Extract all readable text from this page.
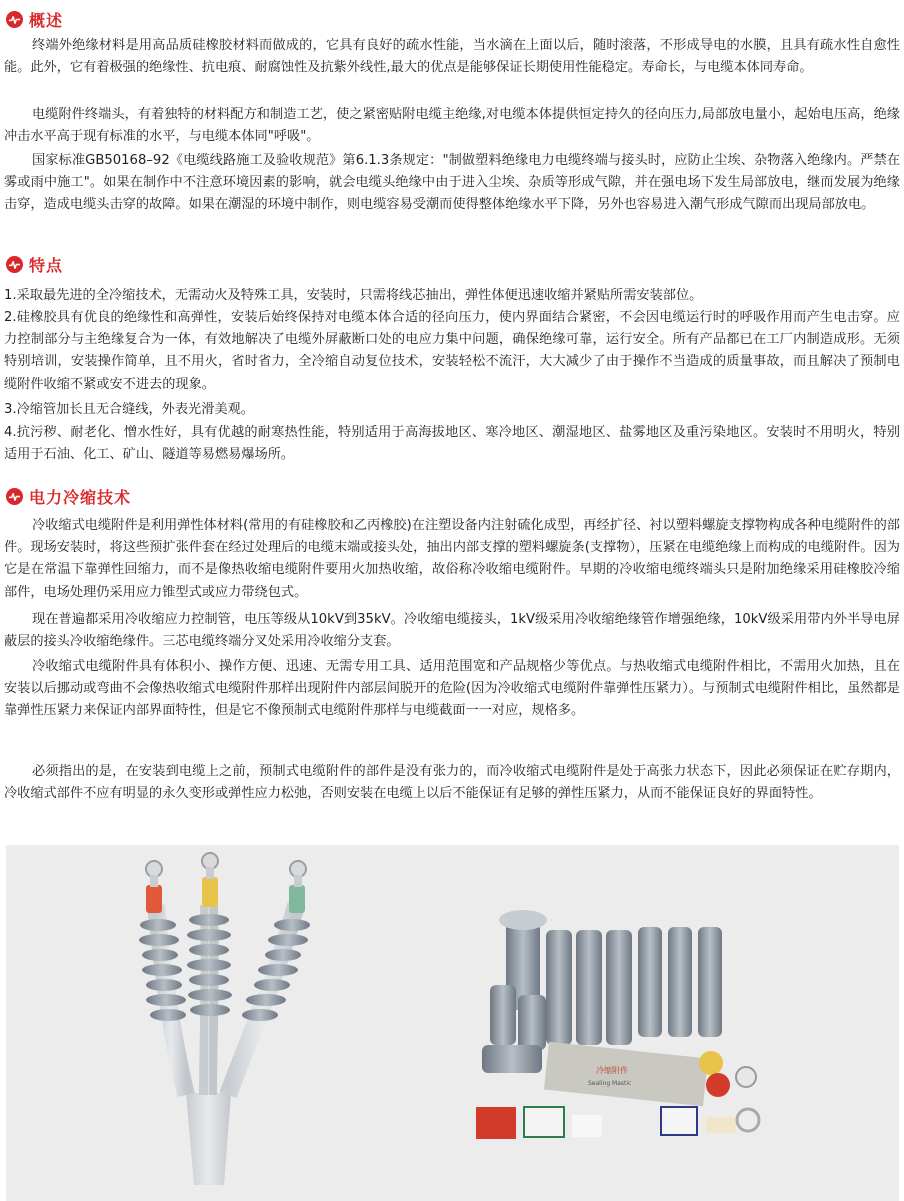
概述
终端外绝缘材料是用高品质硅橡胶材料而做成的，它具有良好的疏水性能，当水滴在上面以后，随时滚落，不形成导电的水膜，且具有疏水性自愈性能。此外，它有着极强的绝缘性、抗电痕、耐腐蚀性及抗紫外线性,最大的优点是能够保证长期使用性能稳定。寿命长，与电缆本体同寿命。
电缆附件终端头，有着独特的材料配方和制造工艺，使之紧密贴附电缆主绝缘,对电缆本体提供恒定持久的径向压力,局部放电量小，起始电压高，绝缘冲击水平高于现有标准的水平，与电缆本体同"呼吸"。
国家标准GB50168–92《电缆线路施工及验收规范》第6.1.3条规定："制做塑料绝缘电力电缆终端与接头时，应防止尘埃、杂物落入绝缘内。严禁在雾或雨中施工"。如果在制作中不注意环境因素的影响，就会电缆头绝缘中由于进入尘埃、杂质等形成气隙，并在强电场下发生局部放电，继而发展为绝缘击穿，造成电缆头击穿的故障。如果在潮湿的环境中制作，则电缆容易受潮而使得整体绝缘水平下降，另外也容易进入潮气形成气隙而出现局部放电。
特点
1.采取最先进的全冷缩技术，无需动火及特殊工具，安装时，只需将线芯抽出，弹性体便迅速收缩并紧贴所需安装部位。
2.硅橡胶具有优良的绝缘性和高弹性，安装后始终保持对电缆本体合适的径向压力，使内界面结合紧密，不会因电缆运行时的呼吸作用而产生电击穿。应力控制部分与主绝缘复合为一体，有效地解决了电缆外屏蔽断口处的电应力集中问题，确保绝缘可靠，运行安全。所有产品都已在工厂内制造成形。无须特别培训，安装操作简单，且不用火，省时省力，全冷缩自动复位技术，安装轻松不流汗，大大减少了由于操作不当造成的质量事故，而且解决了预制电缆附件收缩不紧或安不进去的现象。
3.冷缩管加长且无合缝线，外表光滑美观。
4.抗污秽、耐老化、憎水性好，具有优越的耐寒热性能，特别适用于高海拔地区、寒冷地区、潮湿地区、盐雾地区及重污染地区。安装时不用明火，特别适用于石油、化工、矿山、隧道等易燃易爆场所。
电力冷缩技术
冷收缩式电缆附件是利用弹性体材料(常用的有硅橡胶和乙丙橡胶)在注塑设备内注射硫化成型，再经扩径、衬以塑料螺旋支撑物构成各种电缆附件的部件。现场安装时，将这些预扩张件套在经过处理后的电缆末端或接头处，抽出内部支撑的塑料螺旋条(支撑物），压紧在电缆绝缘上而构成的电缆附件。因为它是在常温下靠弹性回缩力，而不是像热收缩电缆附件要用火加热收缩，故俗称冷收缩电缆附件。早期的冷收缩电缆终端头只是附加绝缘采用硅橡胶冷缩部件，电场处理仍采用应力锥型式或应力带绕包式。
现在普遍都采用冷收缩应力控制管，电压等级从10kV到35kV。冷收缩电缆接头，1kV级采用冷收缩绝缘管作增强绝缘，10kV级采用带内外半导电屏蔽层的接头冷收缩绝缘件。三芯电缆终端分叉处采用冷收缩分支套。
冷收缩式电缆附件具有体积小、操作方便、迅速、无需专用工具、适用范围宽和产品规格少等优点。与热收缩式电缆附件相比，不需用火加热，且在安装以后挪动或弯曲不会像热收缩式电缆附件那样出现附件内部层间脱开的危险(因为冷收缩式电缆附件靠弹性压紧力）。与预制式电缆附件相比，虽然都是靠弹性压紧力来保证内部界面特性，但是它不像预制式电缆附件那样与电缆截面一一对应，规格多。
必须指出的是，在安装到电缆上之前，预制式电缆附件的部件是没有张力的，而冷收缩式电缆附件是处于高张力状态下，因此必须保证在贮存期内，冷收缩式部件不应有明显的永久变形或弹性应力松弛，否则安装在电缆上以后不能保证有足够的弹性压紧力，从而不能保证良好的界面特性。
冷缩附件
Sealing Mastic
